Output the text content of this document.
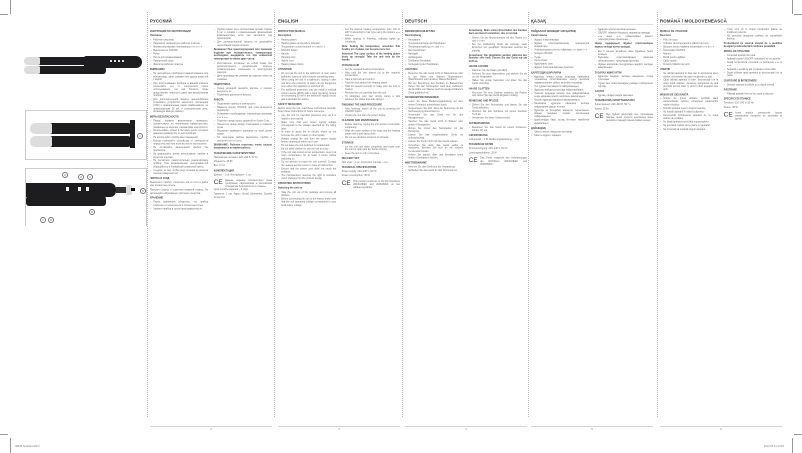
1
2	3	4
5
6
7	8
РУССКИЙ
ИНСТРУКЦИЯ ПО ЭКСПЛУАТАЦИИ
Описание
– Рабочие пластины
– Индикатор температуры рабочих пластин
– Кнопки регулировки температуры «+» и «–»
– Выключатель ON/OFF
– Ручки
– Петля для подвешивания
– Поворотный шнур
– Фиксатор рабочих пластин
ВНИМАНИЕ!
– Не пользуйтесь прибором в ванной комнате или вблизи воды, ванн, раковин или других емкостей с водой.
– При использовании прибора в ванной комнате отключайте его от электросети после использования, так как близость воды представляет опасность даже при выключенном приборе.
– Для дополнительной защиты целесообразно установить устройство защитного отключения (УЗО) с номинальным током срабатывания, не превышающим 30 мА, в электрическую цепь, питающую ванную комнату.
МЕРЫ БЕЗОПАСНОСТИ
– Перед первым включением проверьте, соответствуют ли технические характеристики, указанные на изделии, параметрам электросети.
– Использовать только в бытовых целях согласно данному руководству по эксплуатации.
– Не используйте прибор вне помещений.
– Всегда отключайте устройство от электросети перед очисткой или если вы его не используете.
– Не оставляйте включенный прибор без присмотра.
– Не разрешайте детям использовать прибор в качестве игрушки.
– Не пытайтесь самостоятельно ремонтировать прибор. При возникновении неисправностей обращайтесь в ближайший сервисный центр.
– Следите за тем, чтобы шнур питания не касался горячих поверхностей.
ЧИСТКА И УХОД
Выключите прибор, отключите его от сети и дайте ему полностью остыть.
Протрите корпус и пластины влажной тканью. Не используйте абразивные чистящие средства.
ХРАНЕНИЕ
– Перед хранением убедитесь, что прибор отключен от электросети и полностью остыл.
– Храните прибор в сухом прохладном месте.
– Прибор может быть использован детьми старше 8 лет и лицами с ограниченными физическими возможностями, если они находятся под присмотром.
– Для дополнительной защиты не допускайте перегибания шнура питания.
Внимание! При транспортировке или хранении изделия при отрицательных температурах необходимо выдержать его при комнатной температуре не менее двух часов.
– Изготовитель оставляет за собой право без дополнительного уведомления вносить незначительные изменения в конструкцию изделия.
– Дата производства указана на изделии и/или на упаковке.
ПОДГОТОВКА
– Перед укладкой вымойте волосы и хорошо высушите их.
– Тщательно расчешите волосы.
РАБОТА
– Подключите прибор к электросети.
– Нажмите кнопку ON/OFF, при этом включится индикатор.
– Установите необходимую температуру кнопками «+» и «–».
– Отделите прядь волос шириной не более 5 см.
– Поместите прядь между пластинами и сожмите ручки.
– Медленно проведите щипцами по всей длине пряди.
– По окончании работы выключите прибор и отключите его от сети.
ВНИМАНИЕ: Рабочие пластины очень сильно нагреваются во время работы.
ТЕХНИЧЕСКИЕ ХАРАКТЕРИСТИКИ
Напряжение питания: 220–240 В, 50 Гц
Мощность: 35 Вт
Вес: 0,3 кг
КОМПЛЕКТАЦИЯ
Щипцы – 1 шт. Инструкция – 1 шт.
CE Данное изделие соответствует всем требуемым европейским и российским стандартам безопасности и гигиены.
Срок службы изделия – 3 года.
Гарантия: 1 год. Адрес: Китай, Шенчжень, Scarlett Group Ltd.
2
ENGLISH
INSTRUCTION MANUAL
Description
– Heating plates
– Heating plates temperature indicator
– Temperature control buttons «+» and «–»
– ON/OFF button
– Handle
– Hanging loop
– Swivel cord
– Heating plates clamp
ATTENTION
– Do not use the unit in the bathroom or near water, bathtubs, basins or other vessels containing water.
– When using the unit in a bathroom, unplug it after use since the proximity of water can be dangerous even when the appliance is switched off.
– For additional protection, you can install a residual current device (RCD) with a rated operating current not exceeding 30 mA in the bathroom supply circuit; ask a specialist for advice.
SAFETY MEASURES
Before using the unit, read these instructions carefully. Keep these instructions for future reference.
– Use the unit for intended purposes only, as it is stated in this manual.
– Make sure that your power supply voltage corresponds to the voltage specified on the rating label.
– In order to avoid fire or electric shock do not immerse the unit in water or other liquids.
– Always unplug the unit from the power supply before cleaning or when not in use.
– Do not leave the unit switched on unattended.
– Do not allow children to use the unit as a toy.
– If the unit was stored at low temperature, keep it at room temperature for at least 2 hours before switching on.
– Do not attempt to repair the unit yourself. Contact the nearest service center in case of malfunction.
– Ensure that the power cord does not touch hot surfaces.
– The manufacturer reserves the right to introduce minor changes into the product design.
OPERATING INSTRUCTIONS
Switching the unit on
– Take the unit out of the package and remove all stickers.
– Before connecting the unit to the mains, make sure that the unit operating voltage corresponds to your local mains voltage.
– Set the desired heating temperature from 140 to 220°C according to hair type using the buttons «+» and «–».
– While heating is finishing, indicator lights up constantly.
Note: Setting the temperature, remember that healthy air of plates can become more hot.
Attention! The outer surface of the heating plates heats up strongly! Take the unit only by the handle.
CURLING HAIR
– Set the required heating temperature.
– Wait until the unit warms up to the required temperature.
– Take a hair lock and comb it.
– Twist the lock around the heating plates.
– Hold for several seconds to make sure the lock is heated.
– Remove the unit carefully from the curl.
– To straighten your hair, simply clamp a lock between the plates and slide along it.
FINISHING THE HAIR PROCEDURE
– After finishing, switch off the unit by pressing the ON/OFF button.
– Unplug the unit from the power supply.
CLEANING AND MAINTENANCE
– Before cleaning, unplug the unit and let it cool down completely.
– Wipe the outer surface of the body and the heating plates with a soft damp cloth.
– Do not use abrasive cleaners or solvents.
STORAGE
– Let the unit cool down completely and make sure the cord is clean and dry before storing.
– Keep the unit in a dry cool place.
DELIVERY SET
Hair styler – 1 pc. Instruction manual – 1 pc.
TECHNICAL SPECIFICATIONS
Power supply: 220–240 V, 50 Hz
Power consumption: 35 W
CE This product conforms to the EC Directives 2004/108/EC and 2006/95/EC on low voltage regulation.
3
DEUTSCH
BEDIENUNGSANLEITUNG
Beschreibung
– Heizplatten
– Temperaturanzeige der Heizplatten
– Temperaturregelung «+» und «–»
– Ein-/Ausschalter
– Handgriff
– Aufhängeöse
– Drehbares Netzkabel
– Verriegelung der Heizplatten
ACHTUNG!
– Benutzen Sie das Gerät nicht im Badezimmer oder in der Nähe von Wasser, Badewannen, Waschbecken oder anderen Wasserbehältern.
– Bei der Benutzung des Gerätes im Badezimmer ziehen Sie den Netzstecker nach dem Gebrauch, da die Nähe von Wasser auch bei ausgeschaltetem Gerät gefährlich ist.
SICHERHEITSMASSNAHMEN
– Lesen Sie diese Bedienungsanleitung vor dem ersten Gebrauch aufmerksam durch.
– Vergewissern Sie sich, dass die Spannung mit der Netzspannung übereinstimmt.
– Verwenden Sie das Gerät nur für den Hausgebrauch.
– Tauchen Sie das Gerät nicht in Wasser oder andere Flüssigkeiten.
– Ziehen Sie immer den Netzstecker vor der Reinigung.
– Lassen Sie das eingeschaltete Gerät nie unbeaufsichtigt.
– Lassen Sie Kinder nicht mit dem Gerät spielen.
– Versuchen Sie nicht, das Gerät selbst zu reparieren. Wenden Sie sich an die nächste Kundendienststelle.
– Achten Sie darauf, dass das Netzkabel keine heißen Oberflächen berührt.
INBETRIEBNAHME
– Nehmen Sie das Gerät aus der Verpackung.
– Schließen Sie das Gerät an das Stromnetz an.
Anmerkung: Beim ersten Einschalten des Gerätes kann ein Geruch entstehen, das ist normal.
– Stellen Sie die Heiztemperatur mit den Tasten «+» und «–» ein.
– Bei der Aufheizung blinkt die Anzeige; nach Erreichen der gewählten Temperatur leuchtet sie ständig.
Anmerkung: Die Heizplatten werden während des Betriebs sehr heiß. Fassen Sie das Gerät nur am Griff an.
HAARE LOCKEN
– Kämmen Sie die Haare gründlich.
– Nehmen Sie eine Haarsträhne und wickeln Sie sie um die Heizplatten.
– Halten Sie einige Sekunden und lösen Sie das Gerät vorsichtig.
HAARE GLÄTTEN
– Klemmen Sie eine Strähne zwischen die Platten und ziehen Sie das Gerät langsam entlang.
REINIGUNG UND PFLEGE
– Ziehen Sie den Netzstecker und lassen Sie das Gerät abkühlen.
– Wischen Sie das Gehäuse mit einem feuchten Tuch ab.
– Verwenden Sie keine Scheuermittel.
AUFBEWAHRUNG
– Bewahren Sie das Gerät an einem trockenen, kühlen Ort auf.
LIEFERUMFANG
Lockenstab – 1 St. Bedienungsanleitung – 1 St.
TECHNISCHE DATEN
Stromversorgung: 220–240 V, 50 Hz
Leistungsaufnahme: 35 W
CE Das Gerät entspricht den Anforderungen der Richtlinien 2004/108/EC und 2006/95/EC.
4
ҚАЗАҚ
ПАЙДАЛАНУ ЖӨНІНДЕГІ НҰСҚАУЛЫҚ
Сипаттамасы
– Жұмыс пластиналары
– Жұмыс пластиналарының температура индикаторы
– Температураны реттеу түймелері «+» және «–»
– Қосқыш ON/OFF
– Тұтқа
– Ілетін ілмек
– Бұралмалы сым
– Жұмыс пластиналарының бекіткіші
ҚАУІПСІЗДІК ШАРАЛАРЫ
– Құралды алғаш қосар алдында бұйымның техникалық сипаттамалары электр желісінің параметрлеріне сәйкес келетінін тексеріңіз.
– Тек тұрмыстық мақсатта пайдаланыңыз.
– Құралды жайдың сыртында пайдаланбаңыз.
– Тазалар алдында немесе оны пайдаланбаған кезде әрқашан электр желісінен ажыратыңыз.
– Қосулы құралды қараусыз қалдырмаңыз.
– Балаларға құралды ойыншық ретінде пайдалануға рұқсат етпеңіз.
– Құралды өз бетіңізбен жөндеуге тырыспаңыз. Жақын маңдағы сервис орталығына хабарласыңыз.
– Қоректендіру бауы ыстық беттерге тимейтінін қадағалаңыз.
ДАЙЫНДЫҚ
– Шашты жуып, жақсылап кептіріңіз.
– Шашты мұқият тараңыз.
– Құралды электр желісіне қосыңыз.
– ON/OFF түймесін басыңыз, индикатор жанады.
– «+» және «–» түймелерімен қажетті температураны орнатыңыз.
Назар аударыңыз! Жұмыс пластиналары жұмыс кезінде қатты қызады.
– Ені 5 см-ден аспайтын шаш бұрымын бөліп алыңыз.
– Бұрымды пластиналардың арасына орналастырып, тұтқаларды қысыңыз.
– Жұмыс аяқталған соң құралды сөндіріп, желіден ажыратыңыз.
ТАЗАЛАУ ЖӘНЕ КҮТІМ
– Құралды сөндіріп, желіден ажыратып, толық суытыңыз.
– Тұрқы мен пластиналарды дымқыл шүберекпен сүртіңіз.
САҚТАУ
– Құрғақ, салқын жерде сақтаңыз.
ТЕХНИКАЛЫҚ СИПАТТАМАЛАРЫ
Қорек кернеуі: 220–240 В, 50 Гц
Қуаты: 35 Вт
CE Бұл бұйым қауіпсіздік пен гигиенаның барлық талап етілетін еуропалық және ресейлік стандарттарына сәйкес келеді.
5
ROMÂNĂ / MOLDOVENEASCĂ
MANUAL DE UTILIZARE
Descriere
– Plăci de lucru
– Indicator de temperatură a plăcilor de lucru
– Butoane pentru reglarea temperaturii «+» și «–»
– Întrerupător ON/OFF
– Mânere
– Buclă pentru agățare
– Cablu rotativ
– Fixatorul plăcilor de lucru
ATENȚIE
– Nu utilizați aparatul în baie sau în apropierea apei, căzilor, chiuvetelor sau altor recipiente cu apă.
– Când utilizați aparatul în baie, deconectați-l de la rețea după utilizare, deoarece apropierea de apă prezintă pericol chiar și atunci când aparatul este oprit.
MĂSURI DE SIGURANȚĂ
– Înainte de prima utilizare verificați dacă caracteristicile tehnice corespund parametrilor rețelei electrice.
– Folosiți aparatul doar în scopuri casnice.
– Nu folosiți aparatul în afara încăperilor.
– Deconectați întotdeauna aparatul de la rețea înainte de curățare.
– Nu lăsați aparatul pornit fără supraveghere.
– Nu permiteți copiilor să se joace cu aparatul.
– Nu încercați să reparați singuri aparatul.
– Tineți cont că în timpul funcționării plăcile se încălzesc puternic.
– Nu permiteți atingerea cablului de suprafețele fierbinți.
Producătorul își rezervă dreptul de a modifica designul produsului fără notificare prealabilă.
MODUL DE UTILIZARE
– Conectați aparatul la rețea.
– Apăsați butonul ON/OFF, indicatorul se va aprinde.
– Setați temperatura necesară cu butoanele «+» și «–».
– Separați o șuviță de păr și plasați-o între plăci.
– După utilizare opriți aparatul și deconectați-l de la rețea.
CURĂȚARE ȘI ÎNTREȚINERE
– Ștergeți carcasa și plăcile cu o cârpă umedă.
PĂSTRARE
– Păstrați aparatul într-un loc uscat și răcoros.
SPECIFICAȚII TEHNICE
Tensiune: 220–240 V, 50 Hz
Putere: 35 W
CE Acest produs corespunde tuturor standardelor europene de securitate și igienă.
6
IM015 Scarlett.indd 2	2012.03.21 10:15
